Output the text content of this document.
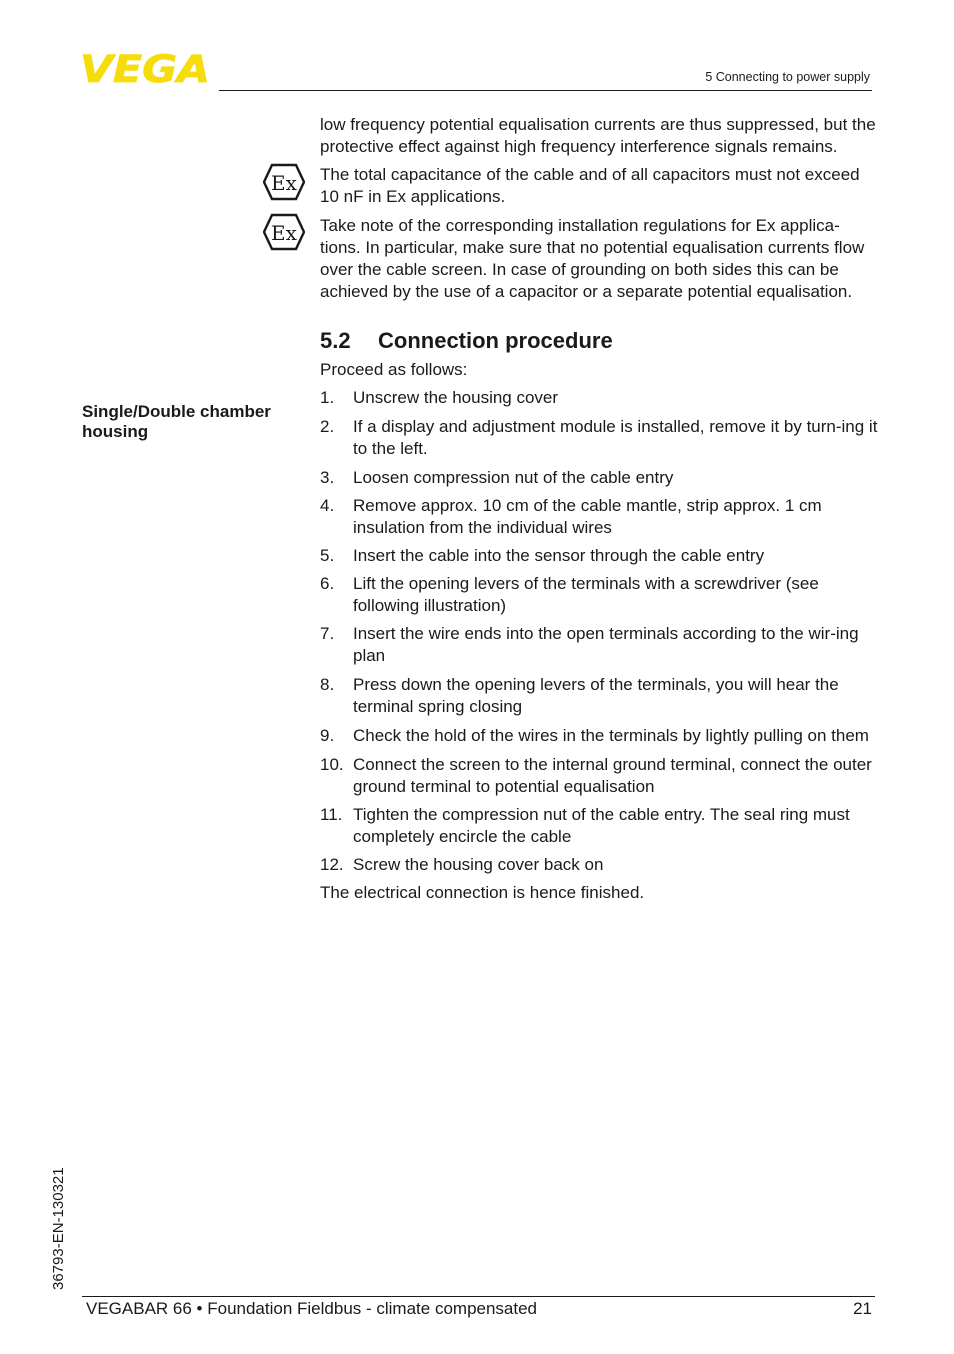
VEGA	5 Connecting to power supply
Single/Double chamber housing

low frequency potential equalisation currents are thus suppressed, but the protective effect against high frequency interference signals remains.

Ex The total capacitance of the cable and of all capacitors must not exceed 10 nF in Ex applications.

Ex Take note of the corresponding installation regulations for Ex applica-tions. In particular, make sure that no potential equalisation currents flow over the cable screen. In case of grounding on both sides this can be achieved by the use of a capacitor or a separate potential equalisation.

5.2	Connection procedure

Proceed as follows:

1. Unscrew the housing cover
2. If a display and adjustment module is installed, remove it by turn-ing it to the left.
3. Loosen compression nut of the cable entry
4. Remove approx. 10 cm of the cable mantle, strip approx. 1 cm insulation from the individual wires
5. Insert the cable into the sensor through the cable entry
6. Lift the opening levers of the terminals with a screwdriver (see following illustration)
7. Insert the wire ends into the open terminals according to the wir-ing plan
8. Press down the opening levers of the terminals, you will hear the terminal spring closing
9. Check the hold of the wires in the terminals by lightly pulling on them
10. Connect the screen to the internal ground terminal, connect the outer ground terminal to potential equalisation
11. Tighten the compression nut of the cable entry. The seal ring must completely encircle the cable
12. Screw the housing cover back on

The electrical connection is hence finished.

36793-EN-130321
VEGABAR 66 • Foundation Fieldbus - climate compensated	21
